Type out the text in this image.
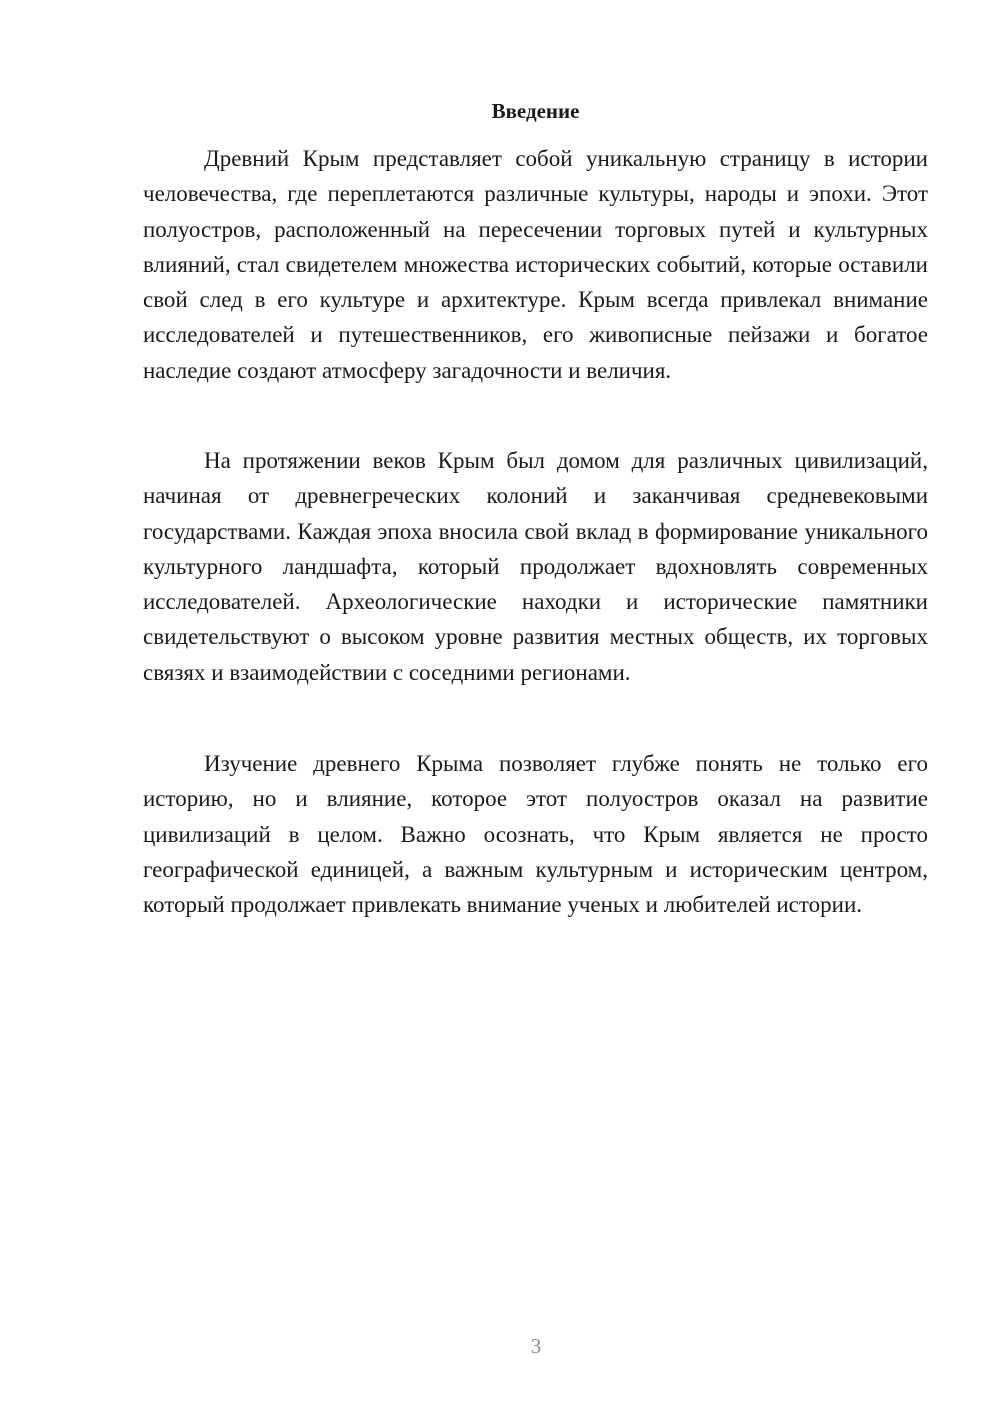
Введение

Древний Крым представляет собой уникальную страницу в истории человечества, где переплетаются различные культуры, народы и эпохи. Этот полуостров, расположенный на пересечении торговых путей и культурных влияний, стал свидетелем множества исторических событий, которые оставили свой след в его культуре и архитектуре. Крым всегда привлекал внимание исследователей и путешественников, его живописные пейзажи и богатое наследие создают атмосферу загадочности и величия.

На протяжении веков Крым был домом для различных цивилизаций, начиная от древнегреческих колоний и заканчивая средневековыми государствами. Каждая эпоха вносила свой вклад в формирование уникального культурного ландшафта, который продолжает вдохновлять современных исследователей. Археологические находки и исторические памятники свидетельствуют о высоком уровне развития местных обществ, их торговых связях и взаимодействии с соседними регионами.

Изучение древнего Крыма позволяет глубже понять не только его историю, но и влияние, которое этот полуостров оказал на развитие цивилизаций в целом. Важно осознать, что Крым является не просто географической единицей, а важным культурным и историческим центром, который продолжает привлекать внимание ученых и любителей истории.

3
